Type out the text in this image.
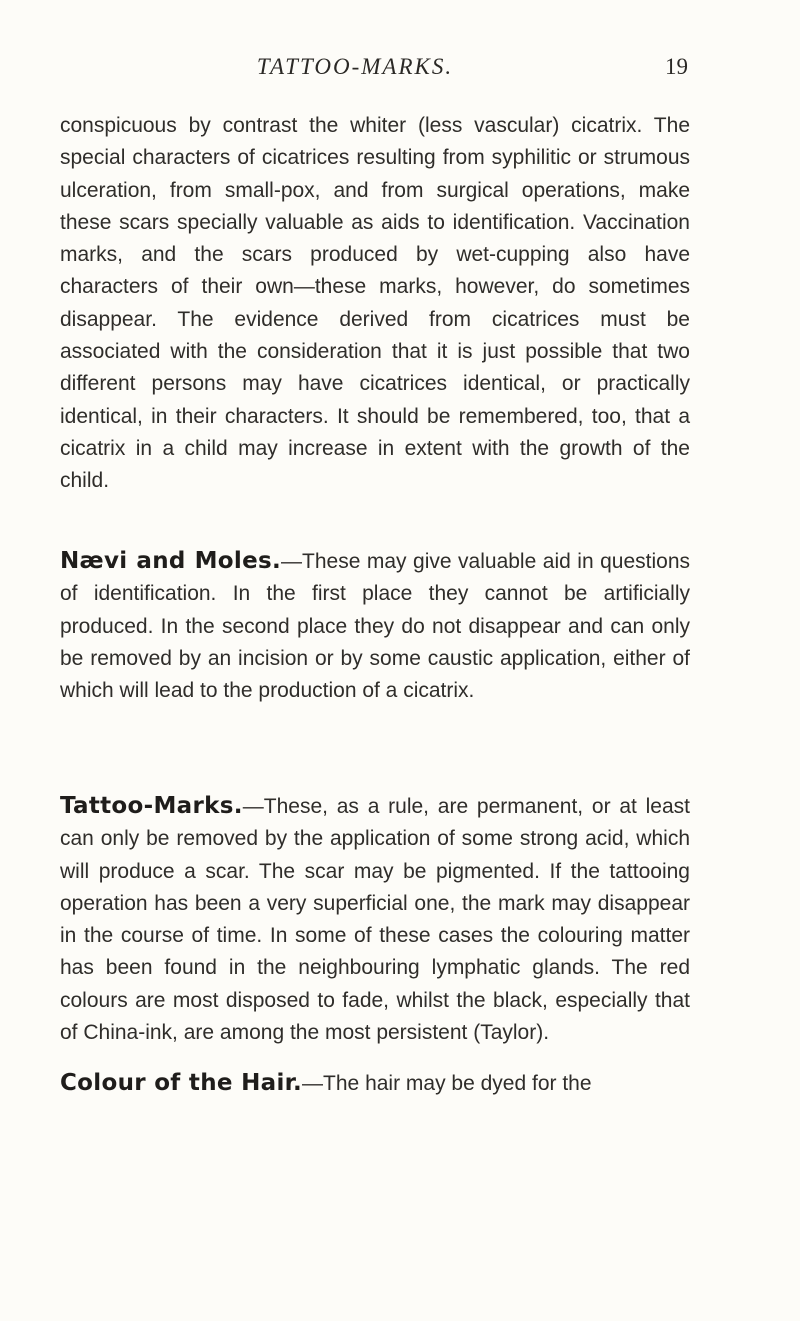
TATTOO-MARKS.	19

conspicuous by contrast the whiter (less vascular) cicatrix. The special characters of cicatrices resulting from syphilitic or strumous ulceration, from small-pox, and from surgical operations, make these scars specially valuable as aids to identification. Vaccination marks, and the scars produced by wet-cupping also have characters of their own—these marks, however, do sometimes disappear. The evidence derived from cicatrices must be associated with the consideration that it is just possible that two different persons may have cicatrices identical, or practically identical, in their characters. It should be remembered, too, that a cicatrix in a child may increase in extent with the growth of the child.

Nævi and Moles.—These may give valuable aid in questions of identification. In the first place they cannot be artificially produced. In the second place they do not disappear and can only be removed by an incision or by some caustic application, either of which will lead to the production of a cicatrix.

Tattoo-Marks.—These, as a rule, are permanent, or at least can only be removed by the application of some strong acid, which will produce a scar. The scar may be pigmented. If the tattooing operation has been a very superficial one, the mark may disappear in the course of time. In some of these cases the colouring matter has been found in the neighbouring lymphatic glands. The red colours are most disposed to fade, whilst the black, especially that of China-ink, are among the most persistent (Taylor).

Colour of the Hair.—The hair may be dyed for the
